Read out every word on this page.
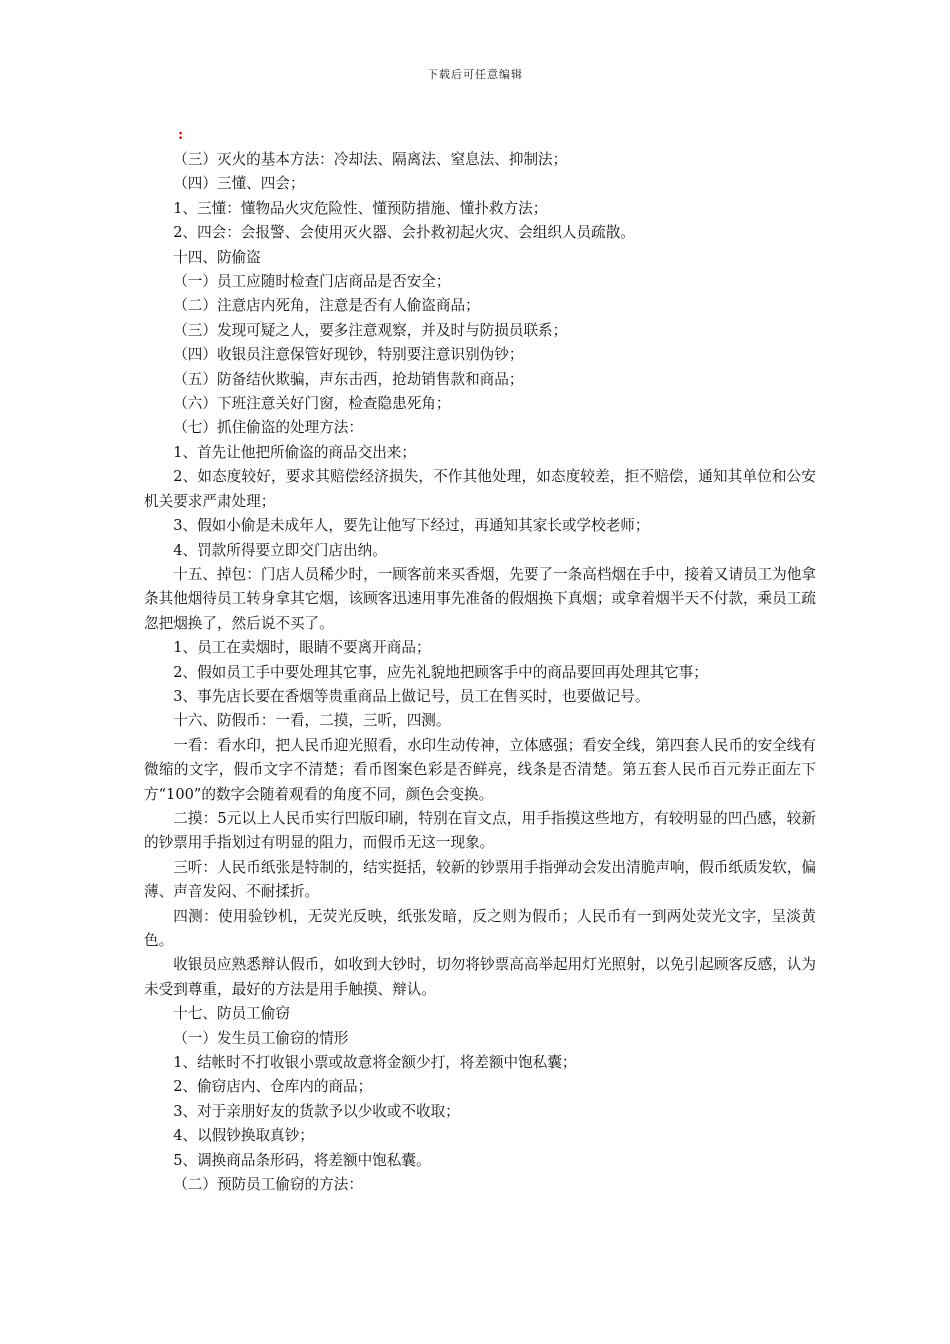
下载后可任意编辑
:

（三）灭火的基本方法：冷却法、隔离法、窒息法、抑制法；

（四）三懂、四会；

1、三懂：懂物品火灾危险性、懂预防措施、懂扑救方法；

2、四会：会报警、会使用灭火器、会扑救初起火灾、会组织人员疏散。

十四、防偷盗

（一）员工应随时检查门店商品是否安全；

（二）注意店内死角，注意是否有人偷盗商品；

（三）发现可疑之人，要多注意观察，并及时与防损员联系；

（四）收银员注意保管好现钞，特别要注意识别伪钞；

（五）防备结伙欺骗，声东击西，抢劫销售款和商品；

（六）下班注意关好门窗，检查隐患死角；

（七）抓住偷盗的处理方法：

1、首先让他把所偷盗的商品交出来；

2、如态度较好，要求其赔偿经济损失，不作其他处理，如态度较差，拒不赔偿，通知其单位和公安机关要求严肃处理；

3、假如小偷是未成年人，要先让他写下经过，再通知其家长或学校老师；

4、罚款所得要立即交门店出纳。

十五、掉包：门店人员稀少时，一顾客前来买香烟，先要了一条高档烟在手中，接着又请员工为他拿条其他烟待员工转身拿其它烟，该顾客迅速用事先准备的假烟换下真烟；或拿着烟半天不付款，乘员工疏忽把烟换了，然后说不买了。

1、员工在卖烟时，眼睛不要离开商品；

2、假如员工手中要处理其它事，应先礼貌地把顾客手中的商品要回再处理其它事；

3、事先店长要在香烟等贵重商品上做记号，员工在售买时，也要做记号。

十六、防假币：一看，二摸，三听，四测。

一看：看水印，把人民币迎光照看，水印生动传神，立体感强；看安全线，第四套人民币的安全线有微缩的文字，假币文字不清楚；看币图案色彩是否鲜亮，线条是否清楚。第五套人民币百元券正面左下方“100”的数字会随着观看的角度不同，颜色会变换。

二摸：5元以上人民币实行凹版印刷，特别在盲文点，用手指摸这些地方，有较明显的凹凸感，较新的钞票用手指划过有明显的阻力，而假币无这一现象。

三听：人民币纸张是特制的，结实挺括，较新的钞票用手指弹动会发出清脆声响，假币纸质发软，偏薄、声音发闷、不耐揉折。

四测：使用验钞机，无荧光反映，纸张发暗，反之则为假币；人民币有一到两处荧光文字，呈淡黄色。

收银员应熟悉辩认假币，如收到大钞时，切勿将钞票高高举起用灯光照射，以免引起顾客反感，认为未受到尊重，最好的方法是用手触摸、辩认。

十七、防员工偷窃

（一）发生员工偷窃的情形

1、结帐时不打收银小票或故意将金额少打，将差额中饱私囊；

2、偷窃店内、仓库内的商品；

3、对于亲朋好友的货款予以少收或不收取；

4、以假钞换取真钞；

5、调换商品条形码，将差额中饱私囊。

（二）预防员工偷窃的方法：
